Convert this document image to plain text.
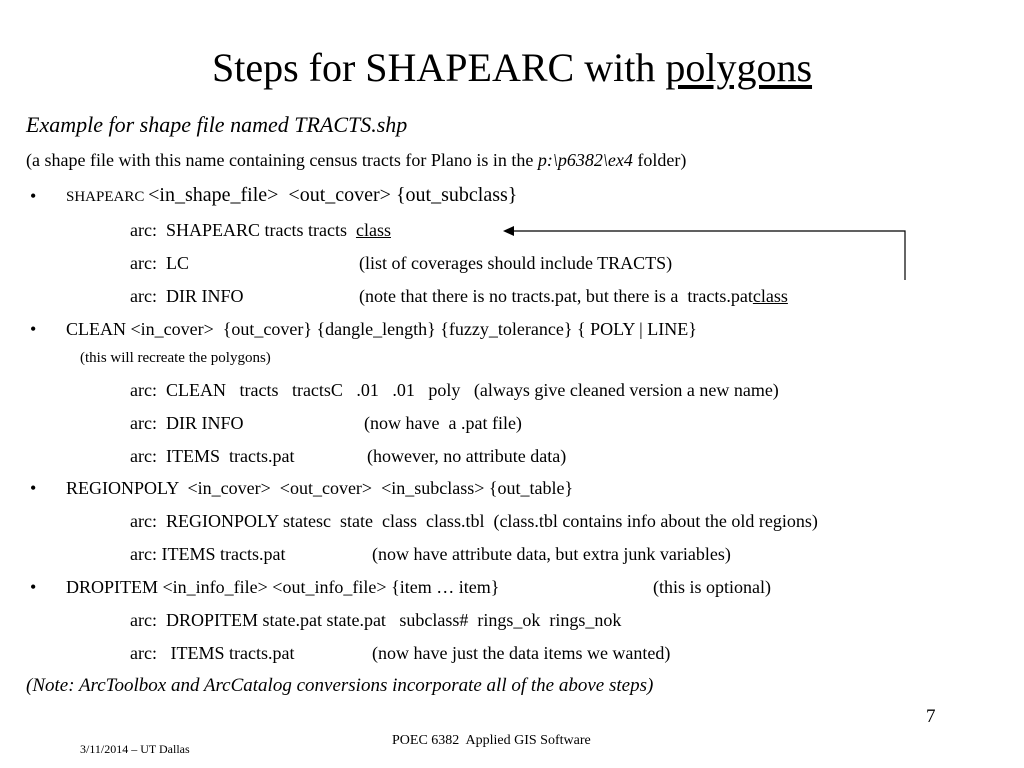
Steps for SHAPEARC with polygons
Example for shape file named TRACTS.shp
(a shape file with this name containing census tracts for Plano is in the p:\p6382\ex4 folder)
• SHAPEARC <in_shape_file>  <out_cover> {out_subclass}
arc:  SHAPEARC tracts tracts  class
arc:  LC	(list of coverages should include TRACTS)
arc:  DIR INFO	(note that there is no tracts.pat, but there is a  tracts.patclass
• CLEAN <in_cover>  {out_cover} {dangle_length} {fuzzy_tolerance} { POLY | LINE}
(this will recreate the polygons)
arc:  CLEAN   tracts   tractsC   .01   .01   poly   (always give cleaned version a new name)
arc:  DIR INFO	(now have  a .pat file)
arc:  ITEMS  tracts.pat	(however, no attribute data)
• REGIONPOLY  <in_cover>  <out_cover>  <in_subclass> {out_table}
arc:  REGIONPOLY statesc  state  class  class.tbl  (class.tbl contains info about the old regions)
arc: ITEMS tracts.pat	(now have attribute data, but extra junk variables)
• DROPITEM <in_info_file> <out_info_file> {item … item}	(this is optional)
arc:  DROPITEM state.pat state.pat   subclass#  rings_ok  rings_nok
arc:   ITEMS tracts.pat	(now have just the data items we wanted)
(Note: ArcToolbox and ArcCatalog conversions incorporate all of the above steps)
7
3/11/2014 – UT Dallas
POEC 6382  Applied GIS Software
